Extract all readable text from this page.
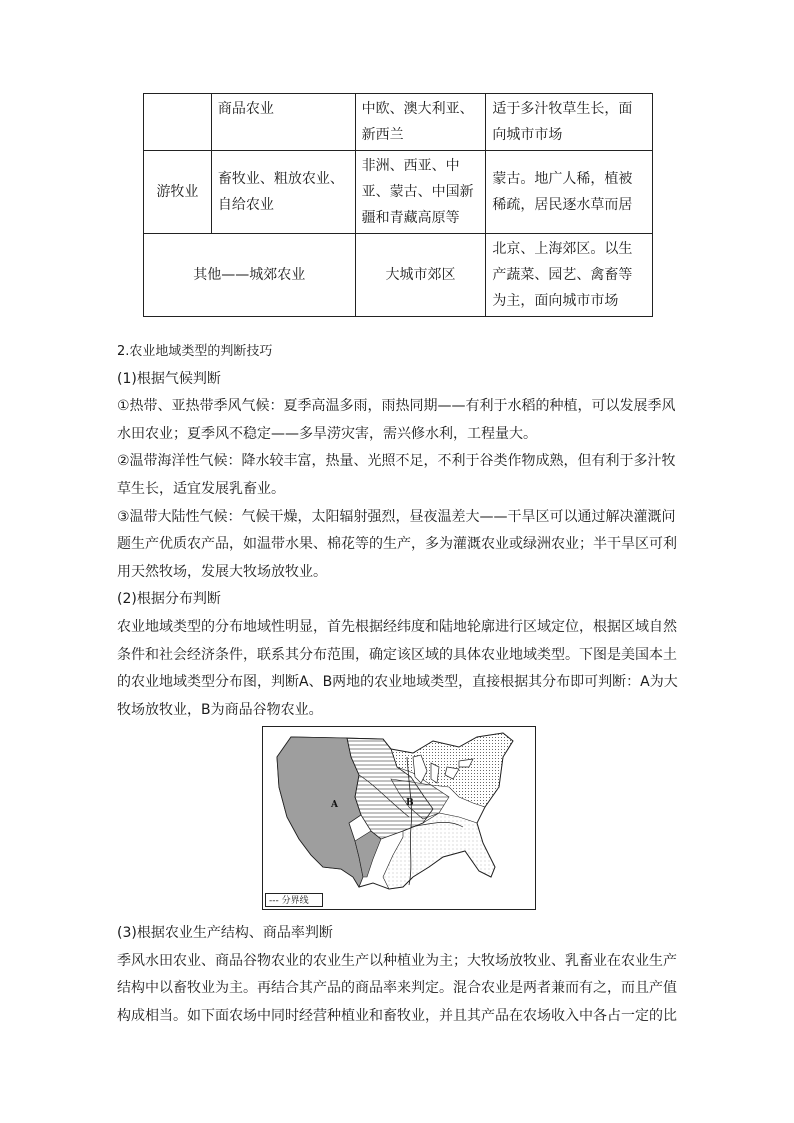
	商品农业	中欧、澳大利亚、新西兰	适于多汁牧草生长，面向城市市场
游牧业	畜牧业、粗放农业、自给农业	非洲、西亚、中亚、蒙古、中国新疆和青藏高原等	蒙古。地广人稀，植被稀疏，居民逐水草而居
其他——城郊农业		大城市郊区	北京、上海郊区。以生产蔬菜、园艺、禽畜等为主，面向城市市场

2.农业地域类型的判断技巧

(1)根据气候判断

①热带、亚热带季风气候：夏季高温多雨，雨热同期——有利于水稻的种植，可以发展季风水田农业；夏季风不稳定——多旱涝灾害，需兴修水利，工程量大。

②温带海洋性气候：降水较丰富，热量、光照不足，不利于谷类作物成熟，但有利于多汁牧草生长，适宜发展乳畜业。

③温带大陆性气候：气候干燥，太阳辐射强烈，昼夜温差大——干旱区可以通过解决灌溉问题生产优质农产品，如温带水果、棉花等的生产，多为灌溉农业或绿洲农业；半干旱区可利用天然牧场，发展大牧场放牧业。

(2)根据分布判断

农业地域类型的分布地域性明显，首先根据经纬度和陆地轮廓进行区域定位，根据区域自然条件和社会经济条件，联系其分布范围，确定该区域的具体农业地域类型。下图是美国本土的农业地域类型分布图，判断A、B两地的农业地域类型，直接根据其分布即可判断：A为大牧场放牧业，B为商品谷物农业。

A	B
--- 分界线

(3)根据农业生产结构、商品率判断

季风水田农业、商品谷物农业的农业生产以种植业为主；大牧场放牧业、乳畜业在农业生产结构中以畜牧业为主。再结合其产品的商品率来判定。混合农业是两者兼而有之，而且产值构成相当。如下面农场中同时经营种植业和畜牧业，并且其产品在农场收入中各占一定的比
